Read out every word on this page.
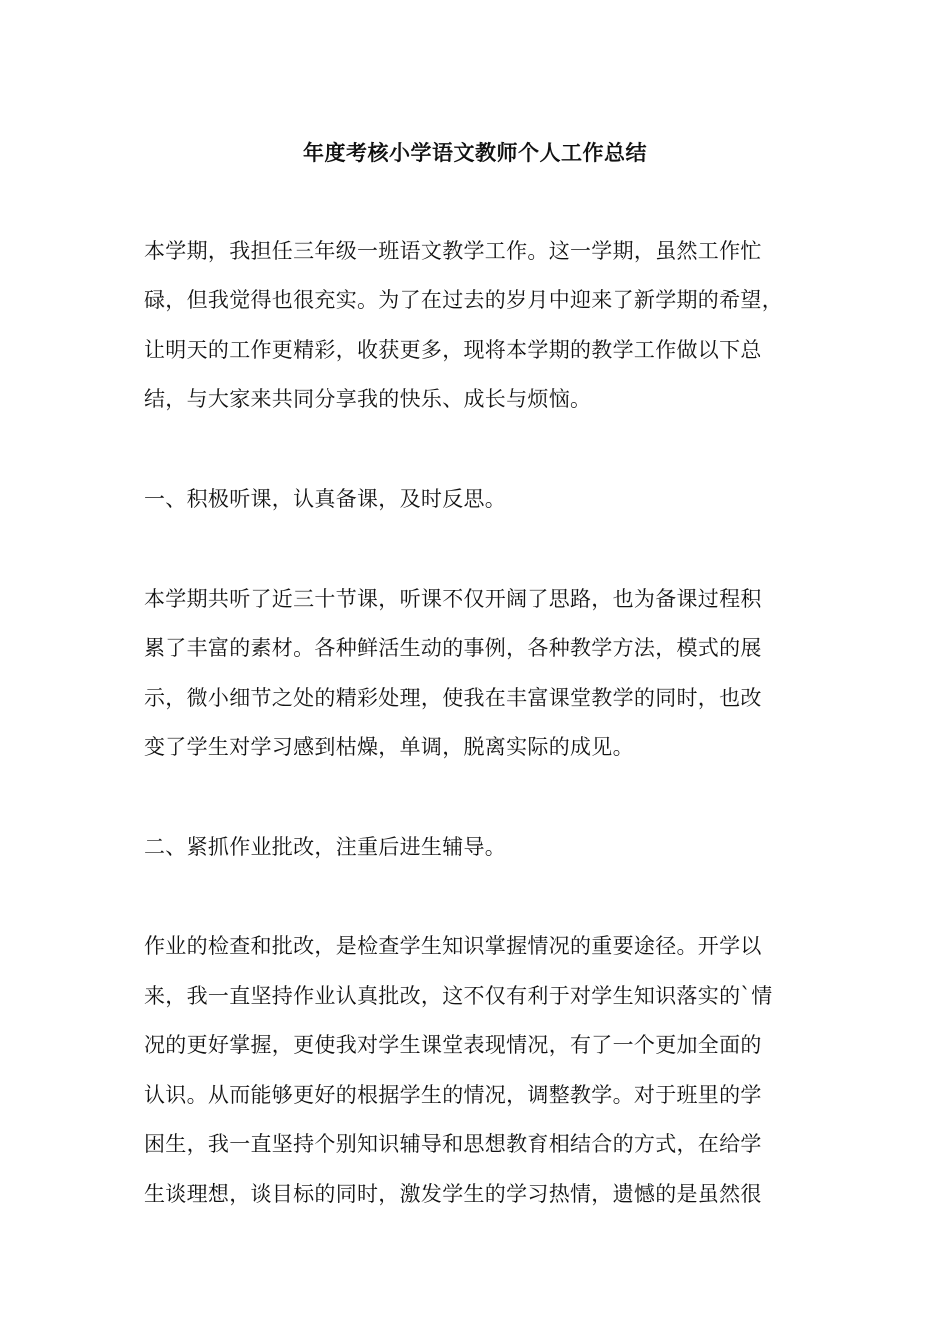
年度考核小学语文教师个人工作总结
本学期，我担任三年级一班语文教学工作。这一学期，虽然工作忙
碌，但我觉得也很充实。为了在过去的岁月中迎来了新学期的希望，
让明天的工作更精彩，收获更多，现将本学期的教学工作做以下总
结，与大家来共同分享我的快乐、成长与烦恼。
一、积极听课，认真备课，及时反思。
本学期共听了近三十节课，听课不仅开阔了思路，也为备课过程积
累了丰富的素材。各种鲜活生动的事例，各种教学方法，模式的展
示，微小细节之处的精彩处理，使我在丰富课堂教学的同时，也改
变了学生对学习感到枯燥，单调，脱离实际的成见。
二、紧抓作业批改，注重后进生辅导。
作业的检查和批改，是检查学生知识掌握情况的重要途径。开学以
来，我一直坚持作业认真批改，这不仅有利于对学生知识落实的`情
况的更好掌握，更使我对学生课堂表现情况，有了一个更加全面的
认识。从而能够更好的根据学生的情况，调整教学。对于班里的学
困生，我一直坚持个别知识辅导和思想教育相结合的方式，在给学
生谈理想，谈目标的同时，激发学生的学习热情，遗憾的是虽然很
